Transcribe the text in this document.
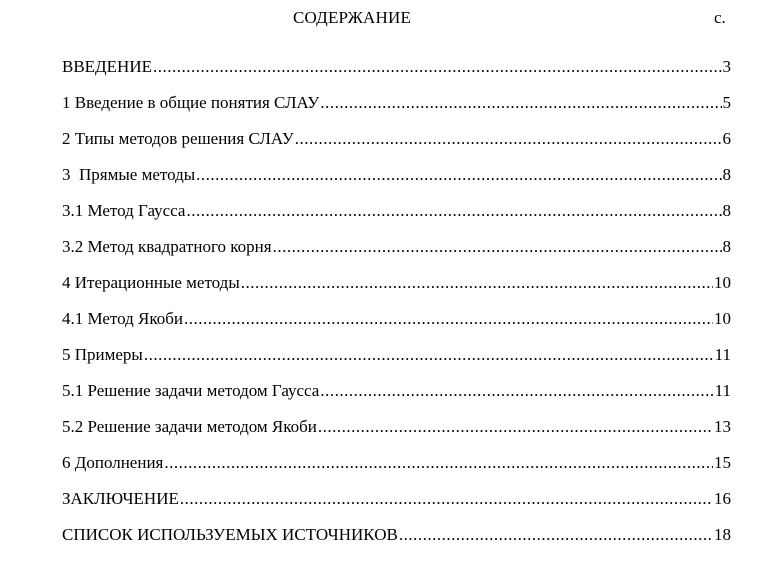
СОДЕРЖАНИЕ	с.
ВВЕДЕНИЕ .....	3
1 Введение в общие понятия СЛАУ .....	5
2 Типы методов решения СЛАУ .....	6
3  Прямые методы .....	8
3.1 Метод Гаусса .....	8
3.2 Метод квадратного корня .....	8
4 Итерационные методы .....	10
4.1 Метод Якоби .....	10
5 Примеры .....	11
5.1 Решение задачи методом Гаусса .....	11
5.2 Решение задачи методом Якоби .....	13
6 Дополнения .....	15
ЗАКЛЮЧЕНИЕ .....	16
СПИСОК ИСПОЛЬЗУЕМЫХ ИСТОЧНИКОВ .....	18
